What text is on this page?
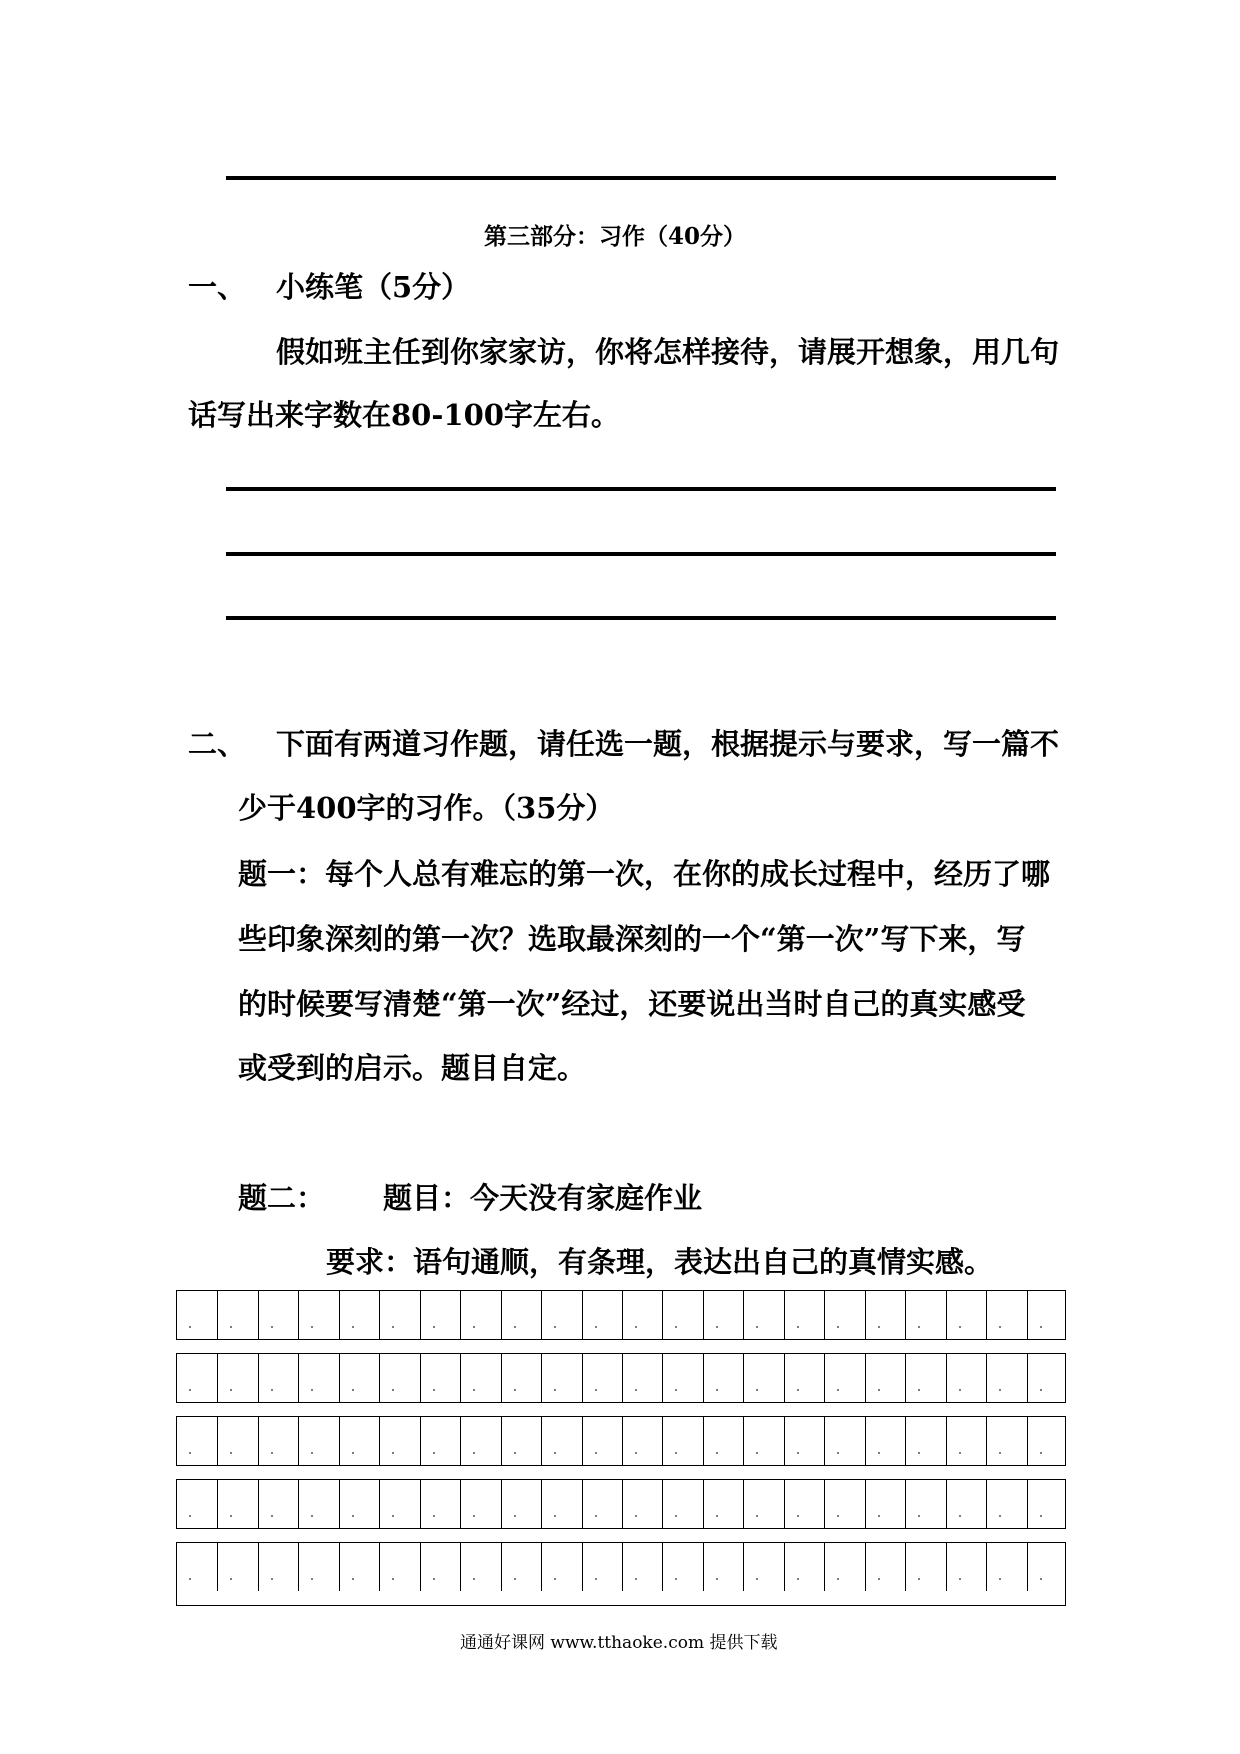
第三部分：习作（40分）
一、 小练笔（5分）
假如班主任到你家家访，你将怎样接待，请展开想象，用几句
话写出来字数在80-100字左右。
二、 下面有两道习作题，请任选一题，根据提示与要求，写一篇不
少于400字的习作。（35分）
题一：每个人总有难忘的第一次，在你的成长过程中，经历了哪
些印象深刻的第一次？选取最深刻的一个“第一次”写下来，写
的时候要写清楚“第一次”经过，还要说出当时自己的真实感受
或受到的启示。题目自定。
题二： 题目：今天没有家庭作业
要求：语句通顺，有条理，表达出自己的真情实感。
通通好课网 www.tthaoke.com 提供下载
